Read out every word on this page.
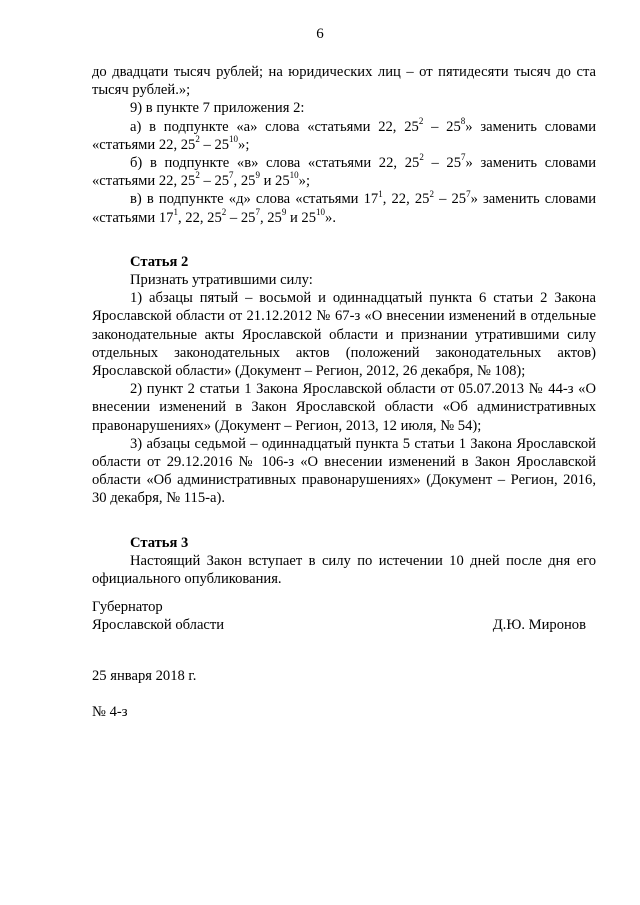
6

до двадцати тысяч рублей; на юридических лиц – от пятидесяти тысяч до ста тысяч рублей.»;

9) в пункте 7 приложения 2:

а) в подпункте «а» слова «статьями 22, $25^2 - 25^8$» заменить словами «статьями 22, $25^2 - 25^{10}$»;

б) в подпункте «в» слова «статьями 22, $25^2 - 25^7$» заменить словами «статьями 22, $25^2 - 25^7$, $25^9$ и $25^{10}$»;

в) в подпункте «д» слова «статьями $17^1$, 22, $25^2 - 25^7$» заменить словами «статьями $17^1$, 22, $25^2 - 25^7$, $25^9$ и $25^{10}$».

Статья 2

Признать утратившими силу:

1) абзацы пятый – восьмой и одиннадцатый пункта 6 статьи 2 Закона Ярославской области от 21.12.2012 № 67-з «О внесении изменений в отдельные законодательные акты Ярославской области и признании утратившими силу отдельных законодательных актов (положений законодательных актов) Ярославской области» (Документ – Регион, 2012, 26 декабря, № 108);

2) пункт 2 статьи 1 Закона Ярославской области от 05.07.2013 № 44-з «О внесении изменений в Закон Ярославской области «Об административных правонарушениях» (Документ – Регион, 2013, 12 июля, № 54);

3) абзацы седьмой – одиннадцатый пункта 5 статьи 1 Закона Ярославской области от 29.12.2016 № 106-з «О внесении изменений в Закон Ярославской области «Об административных правонарушениях» (Документ – Регион, 2016, 30 декабря, № 115-а).

Статья 3

Настоящий Закон вступает в силу по истечении 10 дней после дня его официального опубликования.

Губернатор

Ярославской области	Д.Ю. Миронов
25 января 2018 г.
№ 4-з
